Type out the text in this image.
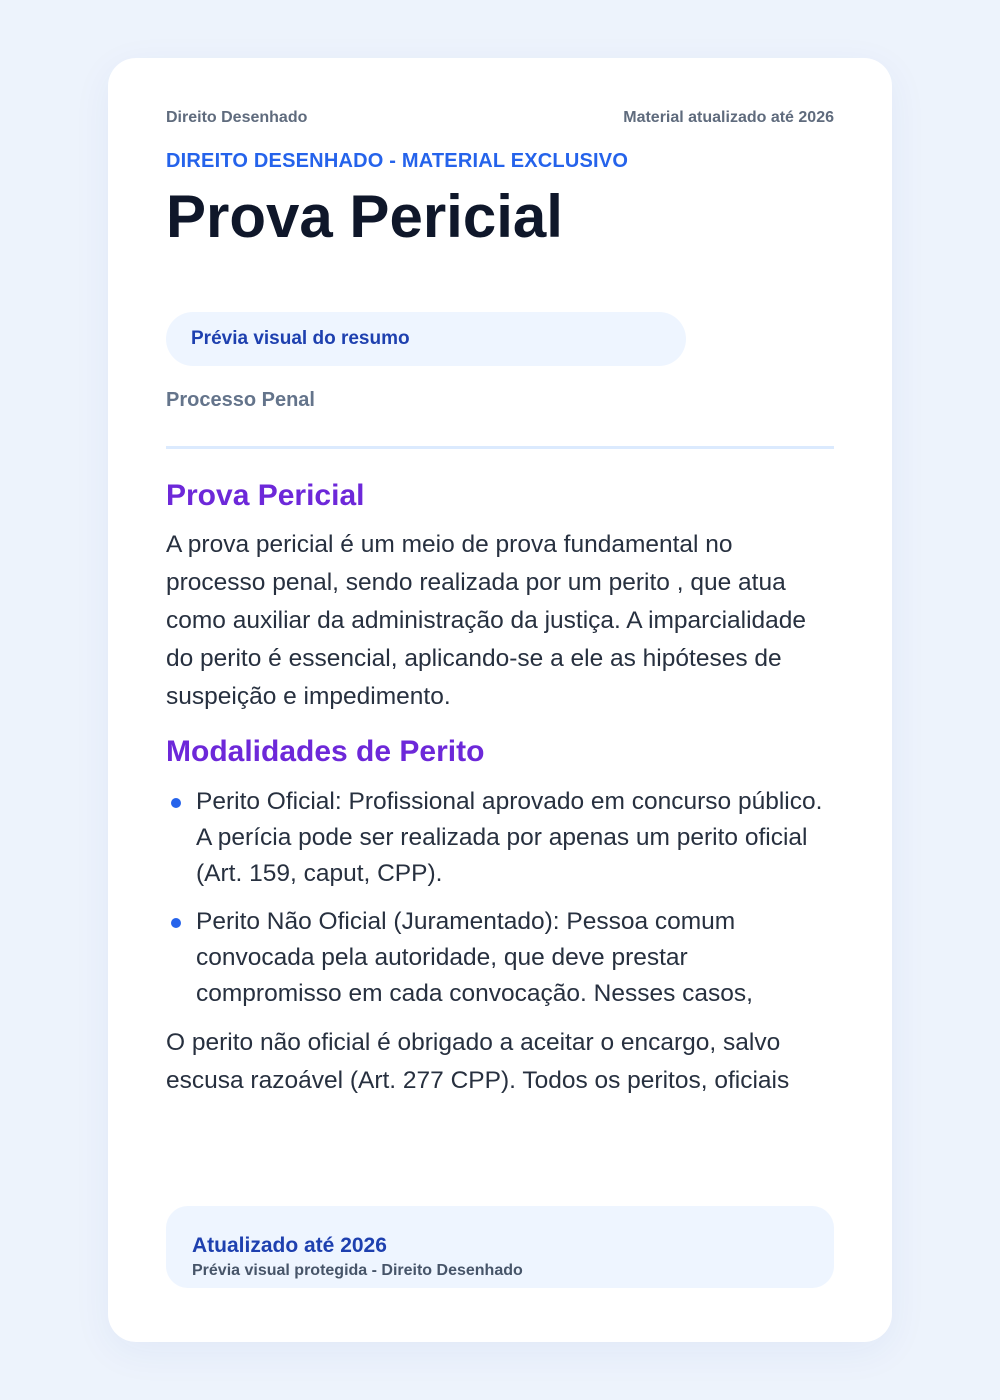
Direito Desenhado	Material atualizado até 2026
DIREITO DESENHADO - MATERIAL EXCLUSIVO
Prova Pericial
Prévia visual do resumo
Processo Penal
Prova Pericial

A prova pericial é um meio de prova fundamental no processo penal, sendo realizada por um perito , que atua como auxiliar da administração da justiça. A imparcialidade do perito é essencial, aplicando-se a ele as hipóteses de suspeição e impedimento.

Modalidades de Perito
Perito Oficial: Profissional aprovado em concurso público. A perícia pode ser realizada por apenas um perito oficial (Art. 159, caput, CPP).
Perito Não Oficial (Juramentado): Pessoa comum convocada pela autoridade, que deve prestar compromisso em cada convocação. Nesses casos,

O perito não oficial é obrigado a aceitar o encargo, salvo escusa razoável (Art. 277 CPP). Todos os peritos, oficiais

Atualizado até 2026
Prévia visual protegida - Direito Desenhado
